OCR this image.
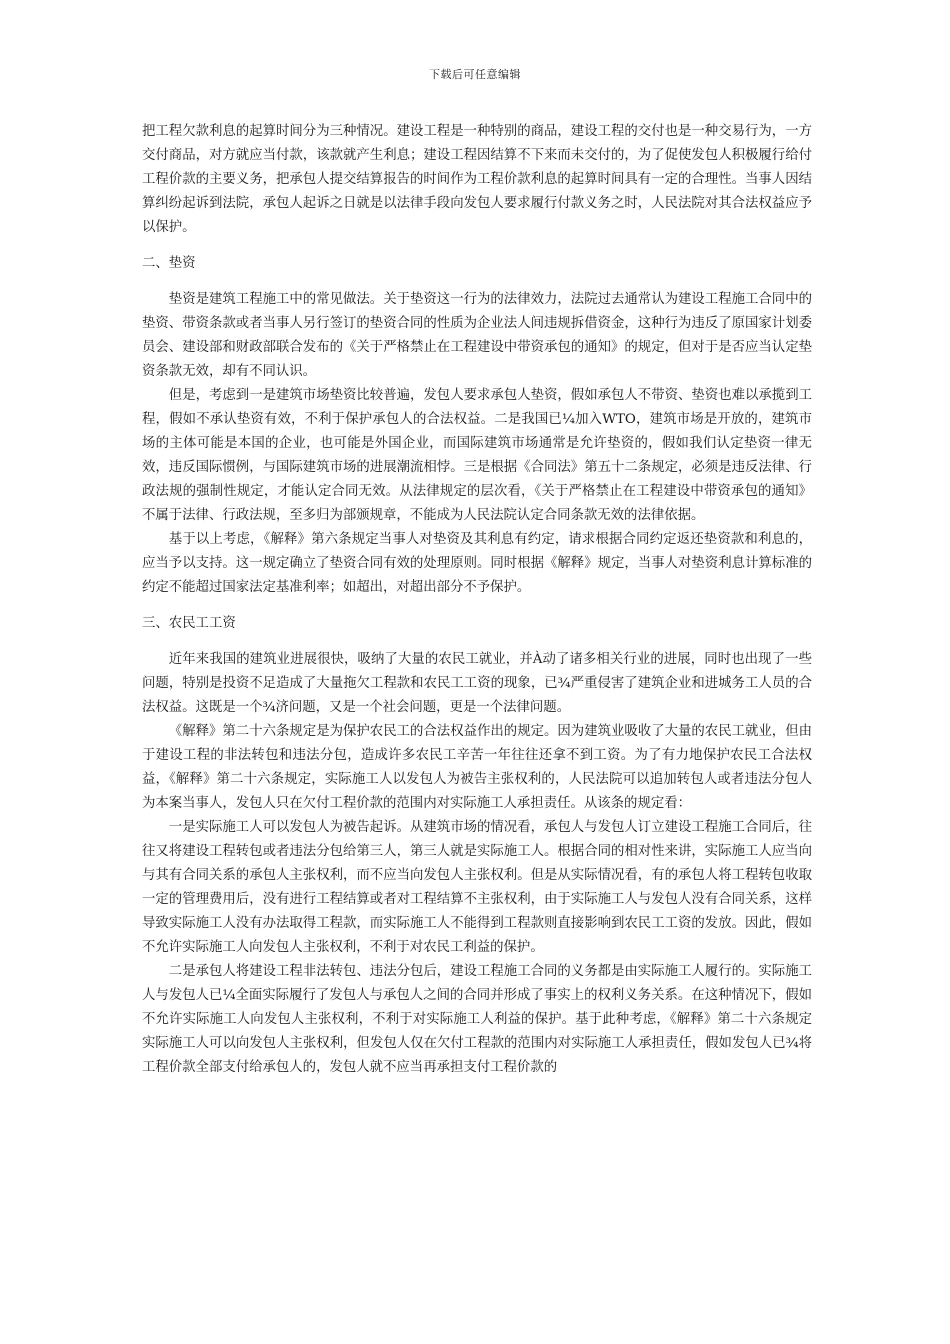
下载后可任意编辑

把工程欠款利息的起算时间分为三种情况。建设工程是一种特别的商品，建设工程的交付也是一种交易行为，一方交付商品，对方就应当付款，该款就产生利息；建设工程因结算不下来而未交付的，为了促使发包人积极履行给付工程价款的主要义务，把承包人提交结算报告的时间作为工程价款利息的起算时间具有一定的合理性。当事人因结算纠纷起诉到法院，承包人起诉之日就是以法律手段向发包人要求履行付款义务之时，人民法院对其合法权益应予以保护。

二、垫资

垫资是建筑工程施工中的常见做法。关于垫资这一行为的法律效力，法院过去通常认为建设工程施工合同中的垫资、带资条款或者当事人另行签订的垫资合同的性质为企业法人间违规拆借资金，这种行为违反了原国家计划委员会、建设部和财政部联合发布的《关于严格禁止在工程建设中带资承包的通知》的规定，但对于是否应当认定垫资条款无效，却有不同认识。

但是，考虑到一是建筑市场垫资比较普遍，发包人要求承包人垫资，假如承包人不带资、垫资也难以承揽到工程，假如不承认垫资有效，不利于保护承包人的合法权益。二是我国已¼加入WTO，建筑市场是开放的，建筑市场的主体可能是本国的企业，也可能是外国企业，而国际建筑市场通常是允许垫资的，假如我们认定垫资一律无效，违反国际惯例，与国际建筑市场的进展潮流相悖。三是根据《合同法》第五十二条规定，必须是违反法律、行政法规的强制性规定，才能认定合同无效。从法律规定的层次看，《关于严格禁止在工程建设中带资承包的通知》不属于法律、行政法规，至多归为部颁规章，不能成为人民法院认定合同条款无效的法律依据。

基于以上考虑，《解释》第六条规定当事人对垫资及其利息有约定，请求根据合同约定返还垫资款和利息的，应当予以支持。这一规定确立了垫资合同有效的处理原则。同时根据《解释》规定，当事人对垫资利息计算标准的约定不能超过国家法定基准利率；如超出，对超出部分不予保护。

三、农民工工资

近年来我国的建筑业进展很快，吸纳了大量的农民工就业，并À动了诸多相关行业的进展，同时也出现了一些问题，特别是投资不足造成了大量拖欠工程款和农民工工资的现象，已¾严重侵害了建筑企业和进城务工人员的合法权益。这既是一个¾济问题，又是一个社会问题，更是一个法律问题。

《解释》第二十六条规定是为保护农民工的合法权益作出的规定。因为建筑业吸收了大量的农民工就业，但由于建设工程的非法转包和违法分包，造成许多农民工辛苦一年往往还拿不到工资。为了有力地保护农民工合法权益，《解释》第二十六条规定，实际施工人以发包人为被告主张权利的，人民法院可以追加转包人或者违法分包人为本案当事人，发包人只在欠付工程价款的范围内对实际施工人承担责任。从该条的规定看：

一是实际施工人可以发包人为被告起诉。从建筑市场的情况看，承包人与发包人订立建设工程施工合同后，往往又将建设工程转包或者违法分包给第三人，第三人就是实际施工人。根据合同的相对性来讲，实际施工人应当向与其有合同关系的承包人主张权利，而不应当向发包人主张权利。但是从实际情况看，有的承包人将工程转包收取一定的管理费用后，没有进行工程结算或者对工程结算不主张权利，由于实际施工人与发包人没有合同关系，这样导致实际施工人没有办法取得工程款，而实际施工人不能得到工程款则直接影响到农民工工资的发放。因此，假如不允许实际施工人向发包人主张权利，不利于对农民工利益的保护。

二是承包人将建设工程非法转包、违法分包后，建设工程施工合同的义务都是由实际施工人履行的。实际施工人与发包人已¼全面实际履行了发包人与承包人之间的合同并形成了事实上的权利义务关系。在这种情况下，假如不允许实际施工人向发包人主张权利，不利于对实际施工人利益的保护。基于此种考虑，《解释》第二十六条规定实际施工人可以向发包人主张权利，但发包人仅在欠付工程款的范围内对实际施工人承担责任，假如发包人已¾将工程价款全部支付给承包人的，发包人就不应当再承担支付工程价款的
